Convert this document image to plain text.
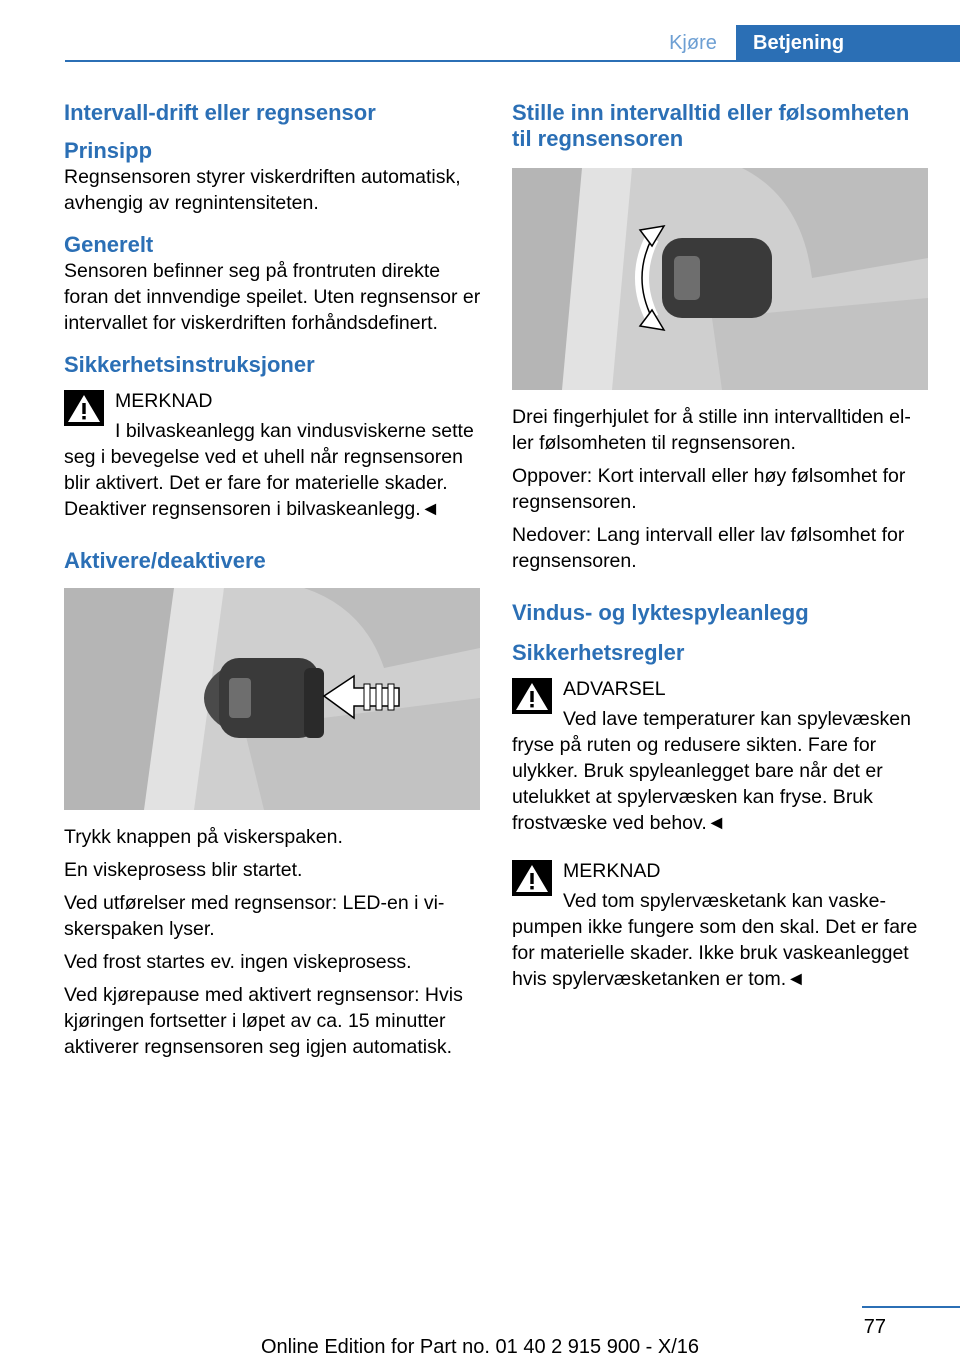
Kjøre	Betjening
Intervall-drift eller regnsensor
Prinsipp

Regnsensoren styrer viskerdriften automatisk, avhengig av regnintensiteten.

Generelt

Sensoren befinner seg på frontruten direkte foran det innvendige speilet. Uten regnsensor er intervallet for viskerdriften forhåndsdefinert.

Sikkerhetsinstruksjoner

MERKNAD

I bilvaskeanlegg kan vindusviskerne sette seg i bevegelse ved et uhell når regnsensoren blir aktivert. Det er fare for materielle skader. Deaktiver regnsensoren i bilvaskeanlegg.◄

Aktivere/deaktivere

Trykk knappen på viskerspaken.

En viskeprosess blir startet.

Ved utførelser med regnsensor: LED-en i vi-skerspaken lyser.

Ved frost startes ev. ingen viskeprosess.

Ved kjørepause med aktivert regnsensor: Hvis kjøringen fortsetter i løpet av ca. 15 minutter aktiverer regnsensoren seg igjen automatisk.

Stille inn intervalltid eller følsomheten til regnsensoren

Drei fingerhjulet for å stille inn intervalltiden el-ler følsomheten til regnsensoren.

Oppover: Kort intervall eller høy følsomhet for regnsensoren.

Nedover: Lang intervall eller lav følsomhet for regnsensoren.

Vindus- og lyktespyleanlegg
Sikkerhetsregler

ADVARSEL

Ved lave temperaturer kan spylevæsken fryse på ruten og redusere sikten. Fare for ulykker. Bruk spyleanlegget bare når det er utelukket at spylervæsken kan fryse. Bruk frostvæske ved behov.◄

MERKNAD

Ved tom spylervæsketank kan vaske-pumpen ikke fungere som den skal. Det er fare for materielle skader. Ikke bruk vaskeanlegget hvis spylervæsketanken er tom.◄

77
Online Edition for Part no. 01 40 2 915 900 - X/16
